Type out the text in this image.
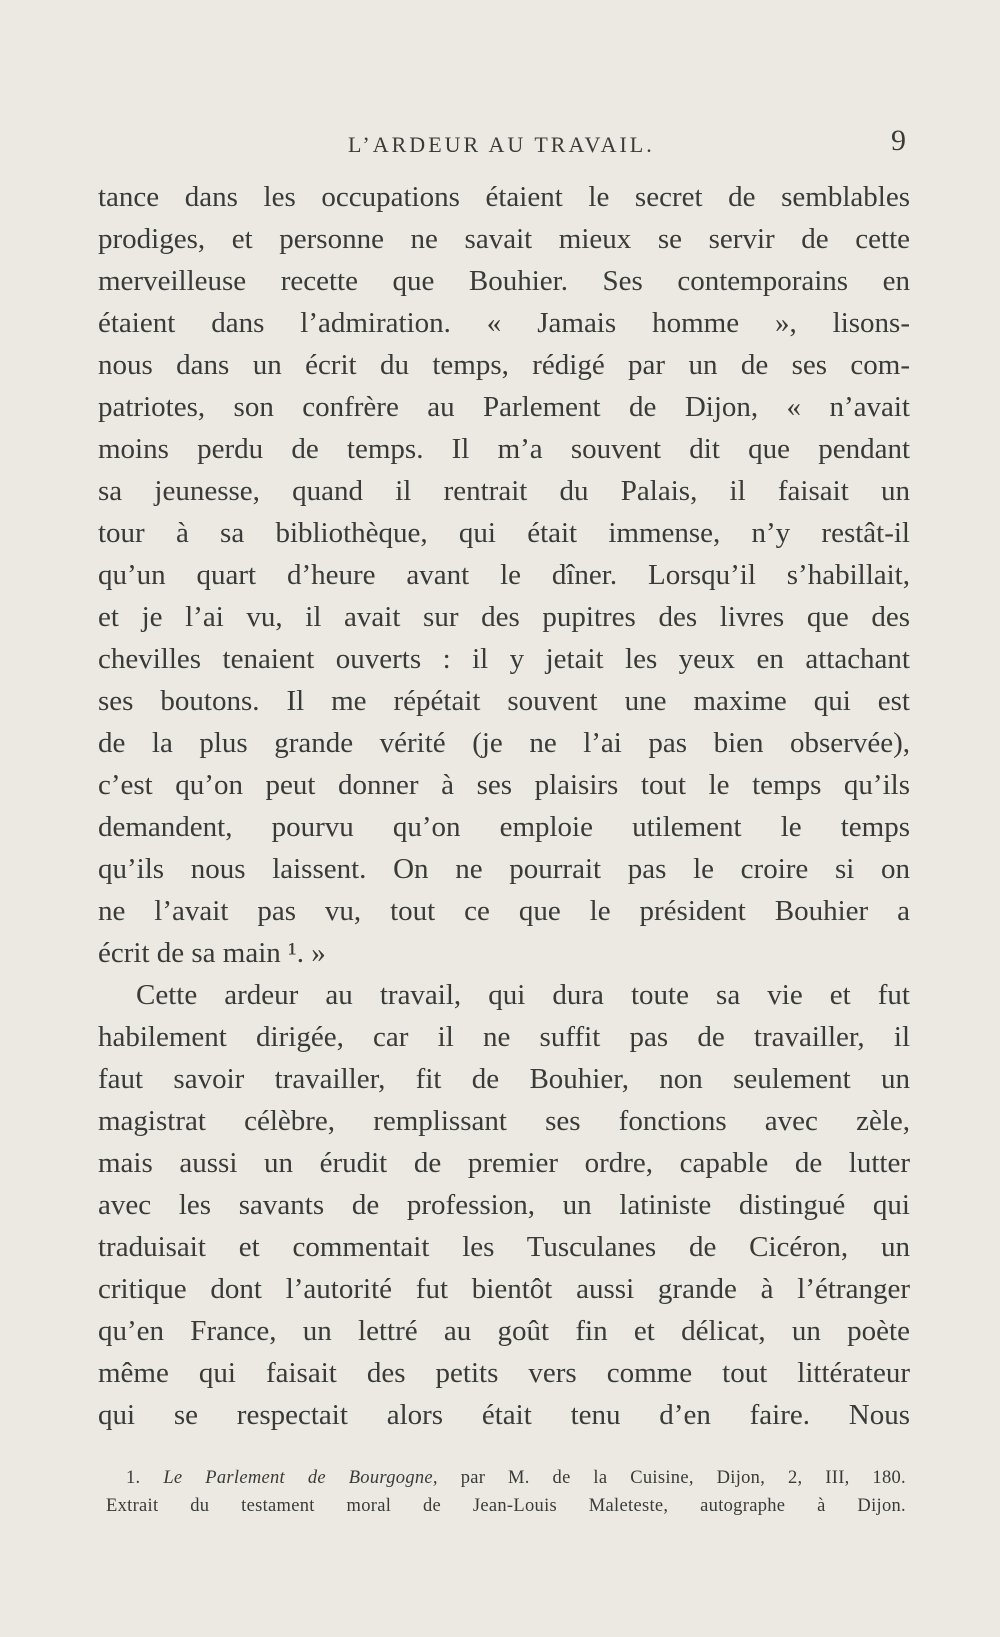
L’ARDEUR AU TRAVAIL.	9
tance dans les occupations étaient le secret de semblables
prodiges, et personne ne savait mieux se servir de cette
merveilleuse recette que Bouhier. Ses contemporains en
étaient dans l’admiration. « Jamais homme », lisons-
nous dans un écrit du temps, rédigé par un de ses com-
patriotes, son confrère au Parlement de Dijon, « n’avait
moins perdu de temps. Il m’a souvent dit que pendant
sa jeunesse, quand il rentrait du Palais, il faisait un
tour à sa bibliothèque, qui était immense, n’y restât-il
qu’un quart d’heure avant le dîner. Lorsqu’il s’habillait,
et je l’ai vu, il avait sur des pupitres des livres que des
chevilles tenaient ouverts : il y jetait les yeux en attachant
ses boutons. Il me répétait souvent une maxime qui est
de la plus grande vérité (je ne l’ai pas bien observée),
c’est qu’on peut donner à ses plaisirs tout le temps qu’ils
demandent, pourvu qu’on emploie utilement le temps
qu’ils nous laissent. On ne pourrait pas le croire si on
ne l’avait pas vu, tout ce que le président Bouhier a
écrit de sa main ¹. »
Cette ardeur au travail, qui dura toute sa vie et fut
habilement dirigée, car il ne suffit pas de travailler, il
faut savoir travailler, fit de Bouhier, non seulement un
magistrat célèbre, remplissant ses fonctions avec zèle,
mais aussi un érudit de premier ordre, capable de lutter
avec les savants de profession, un latiniste distingué qui
traduisait et commentait les Tusculanes de Cicéron, un
critique dont l’autorité fut bientôt aussi grande à l’étranger
qu’en France, un lettré au goût fin et délicat, un poète
même qui faisait des petits vers comme tout littérateur
qui se respectait alors était tenu d’en faire. Nous
1. Le Parlement de Bourgogne, par M. de la Cuisine, Dijon, 2, III, 180.
Extrait du testament moral de Jean-Louis Maleteste, autographe à Dijon.
